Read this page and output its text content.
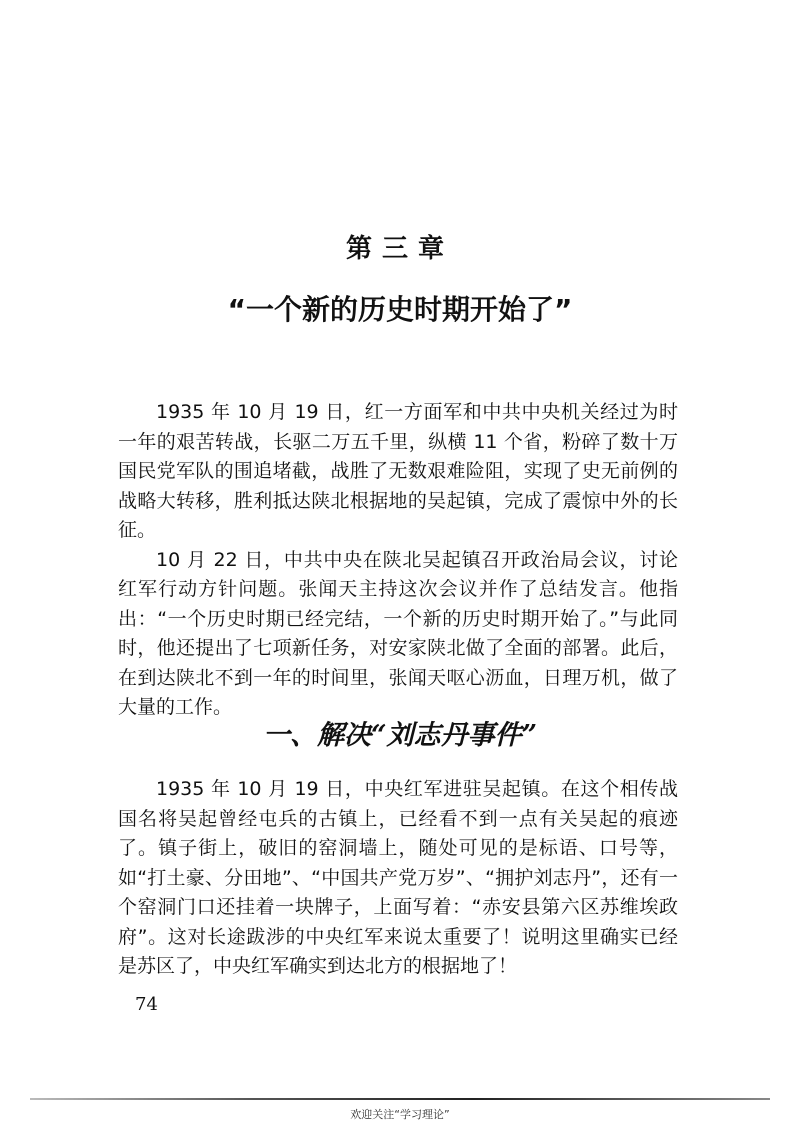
第三章
“一个新的历史时期开始了”

1935 年 10 月 19 日，红一方面军和中共中央机关经过为时一年的艰苦转战，长驱二万五千里，纵横 11 个省，粉碎了数十万国民党军队的围追堵截，战胜了无数艰难险阻，实现了史无前例的战略大转移，胜利抵达陕北根据地的吴起镇，完成了震惊中外的长征。

10 月 22 日，中共中央在陕北吴起镇召开政治局会议，讨论红军行动方针问题。张闻天主持这次会议并作了总结发言。他指出：“一个历史时期已经完结，一个新的历史时期开始了。”与此同时，他还提出了七项新任务，对安家陕北做了全面的部署。此后，在到达陕北不到一年的时间里，张闻天呕心沥血，日理万机，做了大量的工作。

一、解决“刘志丹事件”

1935 年 10 月 19 日，中央红军进驻吴起镇。在这个相传战国名将吴起曾经屯兵的古镇上，已经看不到一点有关吴起的痕迹了。镇子街上，破旧的窑洞墙上，随处可见的是标语、口号等，如“打土豪、分田地”、“中国共产党万岁”、“拥护刘志丹”，还有一个窑洞门口还挂着一块牌子，上面写着：“赤安县第六区苏维埃政府”。这对长途跋涉的中央红军来说太重要了！说明这里确实已经是苏区了，中央红军确实到达北方的根据地了！

74
欢迎关注“学习理论”
